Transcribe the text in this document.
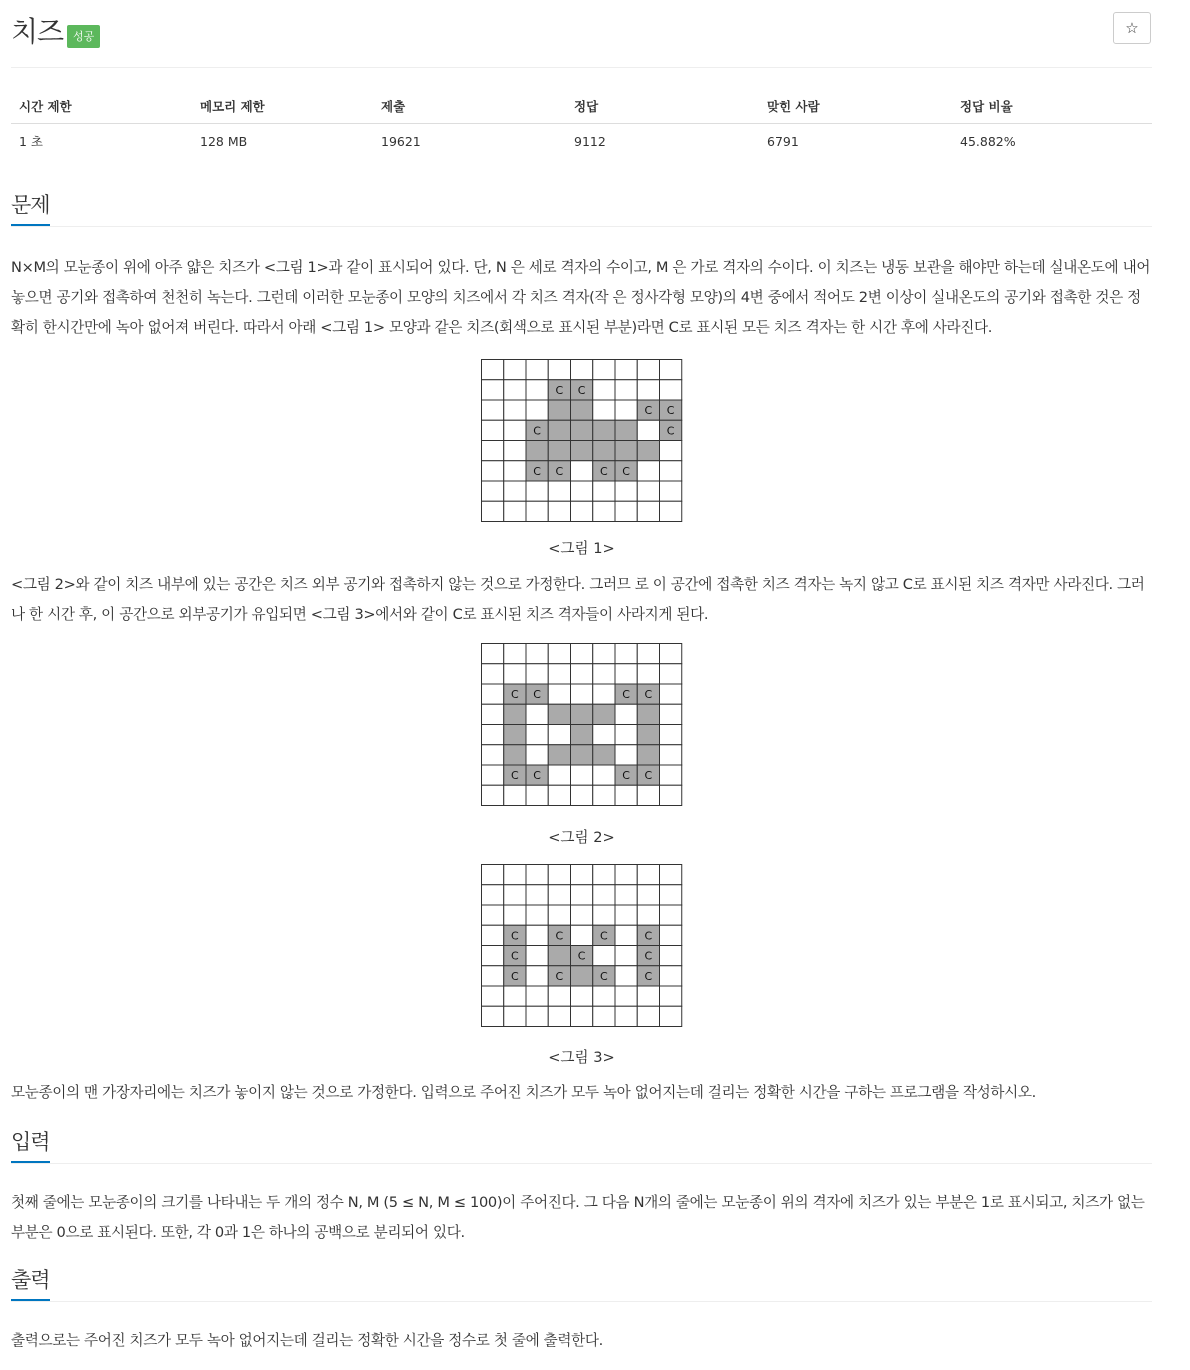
치즈 성공	☆
시간 제한	메모리 제한	제출	정답	맞힌 사람	정답 비율
1 초	128 MB	19621	9112	6791	45.882%
문제

N×M의 모눈종이 위에 아주 얇은 치즈가 <그림 1>과 같이 표시되어 있다. 단, N 은 세로 격자의 수이고, M 은 가로 격자의 수이다. 이 치즈는 냉동 보관을 해야만 하는데 실내온도에 내어놓으면 공기와 접촉하여 천천히 녹는다. 그런데 이러한 모눈종이 모양의 치즈에서 각 치즈 격자(작 은 정사각형 모양)의 4변 중에서 적어도 2변 이상이 실내온도의 공기와 접촉한 것은 정확히 한시간만에 녹아 없어져 버린다. 따라서 아래 <그림 1> 모양과 같은 치즈(회색으로 표시된 부분)라면 C로 표시된 모든 치즈 격자는 한 시간 후에 사라진다.

C C
C C
C	C
C C	C C
<그림 1>

<그림 2>와 같이 치즈 내부에 있는 공간은 치즈 외부 공기와 접촉하지 않는 것으로 가정한다. 그러므 로 이 공간에 접촉한 치즈 격자는 녹지 않고 C로 표시된 치즈 격자만 사라진다. 그러나 한 시간 후, 이 공간으로 외부공기가 유입되면 <그림 3>에서와 같이 C로 표시된 치즈 격자들이 사라지게 된다.

C C	C C
C C	C C
<그림 2>
C	C	C	C
C	C	C
C	C	C	C
<그림 3>

모눈종이의 맨 가장자리에는 치즈가 놓이지 않는 것으로 가정한다. 입력으로 주어진 치즈가 모두 녹아 없어지는데 걸리는 정확한 시간을 구하는 프로그램을 작성하시오.

입력

첫째 줄에는 모눈종이의 크기를 나타내는 두 개의 정수 N, M (5 ≤ N, M ≤ 100)이 주어진다. 그 다음 N개의 줄에는 모눈종이 위의 격자에 치즈가 있는 부분은 1로 표시되고, 치즈가 없는 부분은 0으로 표시된다. 또한, 각 0과 1은 하나의 공백으로 분리되어 있다.

출력

출력으로는 주어진 치즈가 모두 녹아 없어지는데 걸리는 정확한 시간을 정수로 첫 줄에 출력한다.
